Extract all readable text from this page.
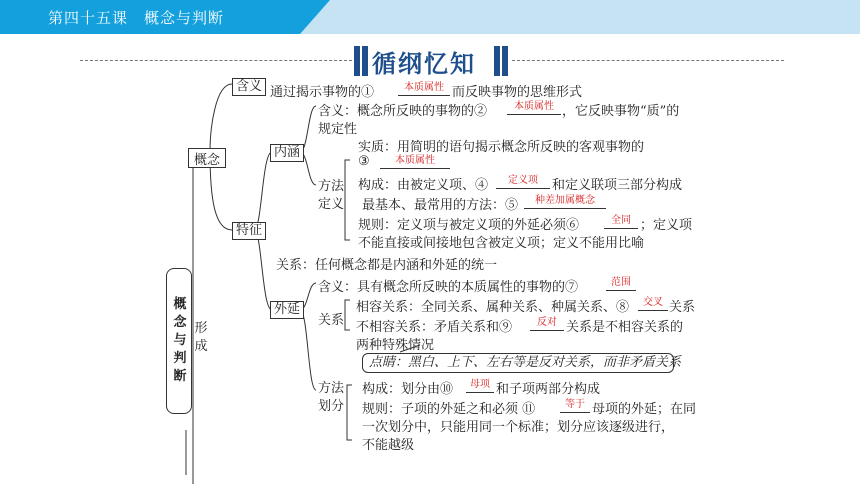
第四十五课　概念与判断
循纲忆知
概念与判断
形成
概念
含义
特征
内涵
外延
通过揭示事物的①	本质属性 而反映事物的思维形式
含义：概念所反映的事物的②	本质属性 ，它反映事物“质”的
规定性
方法定义
实质：用简明的语句揭示概念所反映的客观事物的
③	本质属性
构成：由被定义项、④	定义项	和定义联项三部分构成
最基本、最常用的方法：⑤	种差加属概念
规则：定义项与被定义项的外延必须⑥	全同 ；定义项
不能直接或间接地包含被定义项；定义不能用比喻
关系：任何概念都是内涵和外延的统一
含义：具有概念所反映的本质属性的事物的⑦	范围
关系
相容关系：全同关系、属种关系、种属关系、⑧	交叉 关系
不相容关系：矛盾关系和⑨	反对 关系是不相容关系的
两种特殊情况
点睛：黑白、上下、左右等是反对关系，而非矛盾关系
方法划分
构成：划分由⑩	母项 和子项两部分构成
规则：子项的外延之和必须 ⑪	等于 母项的外延；在同
一次划分中，只能用同一个标准；划分应该逐级进行，
不能越级
